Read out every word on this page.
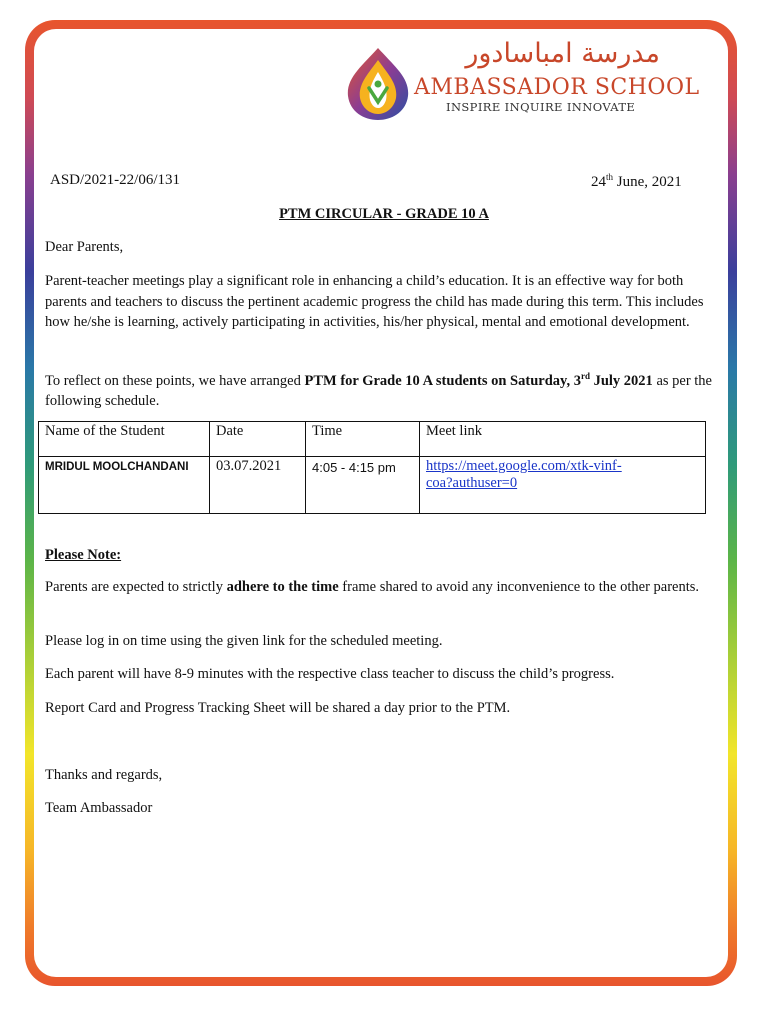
مدرسة امباسادور
AMBASSADOR SCHOOL
INSPIRE INQUIRE INNOVATE
ASD/2021-22/06/131	24th June, 2021
PTM CIRCULAR - GRADE 10 A
Dear Parents,
Parent-teacher meetings play a significant role in enhancing a child’s education. It is an effective way for both parents and teachers to discuss the pertinent academic progress the child has made during this term. This includes how he/she is learning, actively participating in activities, his/her physical, mental and emotional development.
To reflect on these points, we have arranged PTM for Grade 10 A students on Saturday, 3rd July 2021 as per the following schedule.
Name of the Student	Date	Time	Meet link
MRIDUL MOOLCHANDANI	03.07.2021	4:05 - 4:15 pm	https://meet.google.com/xtk-vinf-
coa?authuser=0
Please Note:
Parents are expected to strictly adhere to the time frame shared to avoid any inconvenience to the other parents.
Please log in on time using the given link for the scheduled meeting.
Each parent will have 8-9 minutes with the respective class teacher to discuss the child’s progress.
Report Card and Progress Tracking Sheet will be shared a day prior to the PTM.
Thanks and regards,
Team Ambassador
